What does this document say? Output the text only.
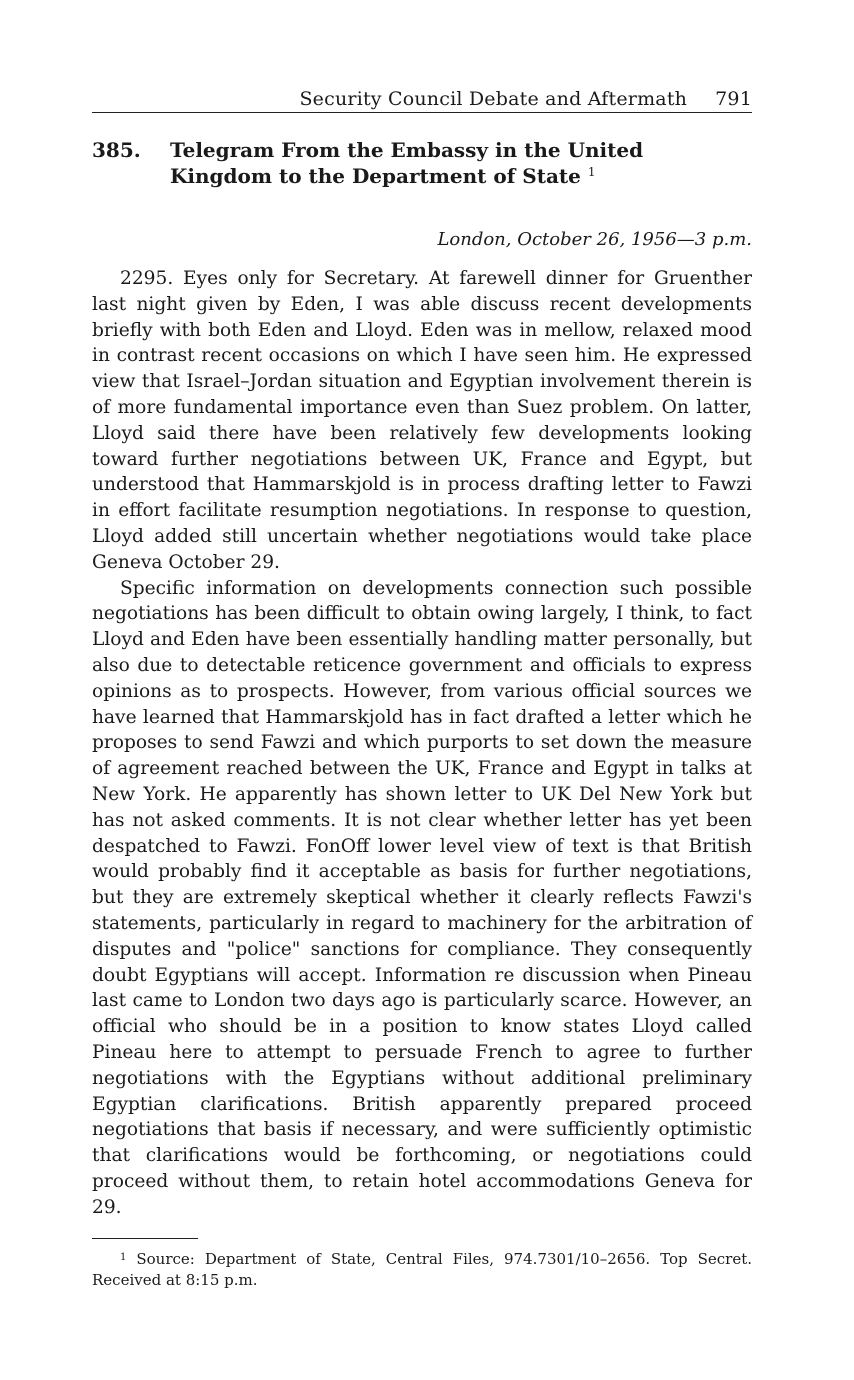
Security Council Debate and Aftermath 791
385.	Telegram From the Embassy in the United Kingdom to the Department of State $^1$
London, October 26, 1956—3 p.m.

2295. Eyes only for Secretary. At farewell dinner for Gruenther last night given by Eden, I was able discuss recent developments briefly with both Eden and Lloyd. Eden was in mellow, relaxed mood in contrast recent occasions on which I have seen him. He expressed view that Israel–Jordan situation and Egyptian involvement therein is of more fundamental importance even than Suez problem. On latter, Lloyd said there have been relatively few developments looking toward further negotiations between UK, France and Egypt, but understood that Hammarskjold is in process drafting letter to Fawzi in effort facilitate resumption negotiations. In response to question, Lloyd added still uncertain whether negotiations would take place Geneva October 29.

Specific information on developments connection such possible negotiations has been difficult to obtain owing largely, I think, to fact Lloyd and Eden have been essentially handling matter personally, but also due to detectable reticence government and officials to express opinions as to prospects. However, from various official sources we have learned that Hammarskjold has in fact drafted a letter which he proposes to send Fawzi and which purports to set down the measure of agreement reached between the UK, France and Egypt in talks at New York. He apparently has shown letter to UK Del New York but has not asked comments. It is not clear whether letter has yet been despatched to Fawzi. FonOff lower level view of text is that British would probably find it acceptable as basis for further negotiations, but they are extremely skeptical whether it clearly reflects Fawzi's statements, particularly in regard to machinery for the arbitration of disputes and "police" sanctions for compliance. They consequently doubt Egyptians will accept. Information re discussion when Pineau last came to London two days ago is particularly scarce. However, an official who should be in a position to know states Lloyd called Pineau here to attempt to persuade French to agree to further negotiations with the Egyptians without additional preliminary Egyptian clarifications. British apparently prepared proceed negotiations that basis if necessary, and were sufficiently optimistic that clarifications would be forthcoming, or negotiations could proceed without them, to retain hotel accommodations Geneva for 29.

$^1$ Source: Department of State, Central Files, 974.7301/10–2656. Top Secret. Received at 8:15 p.m.
